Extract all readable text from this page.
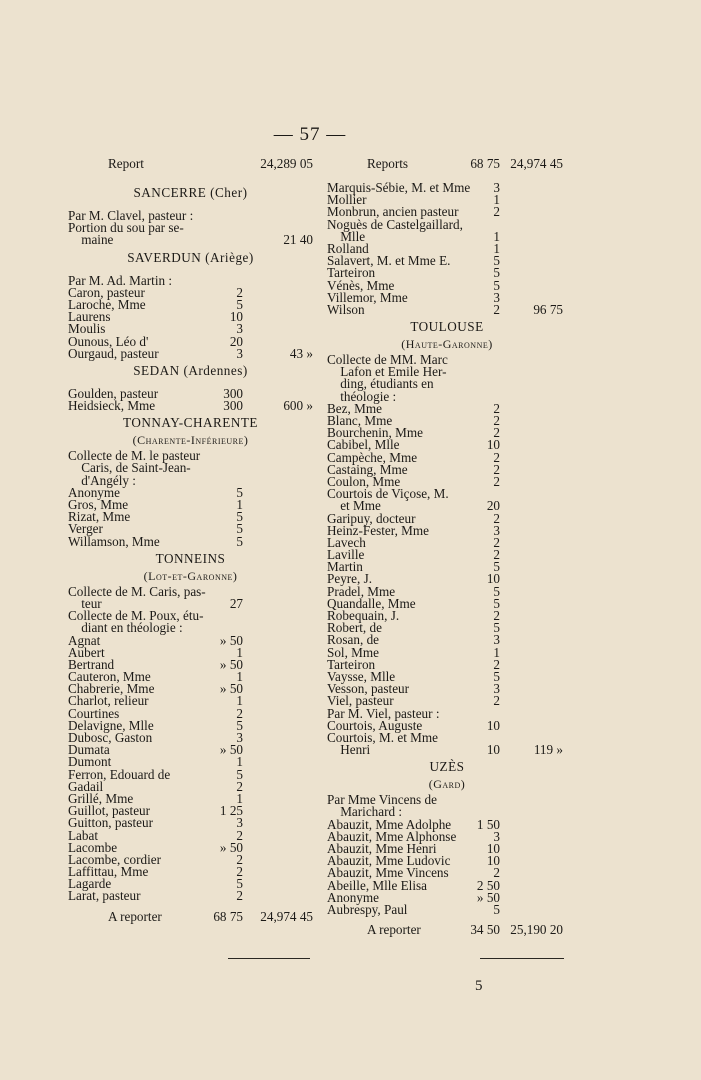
— 57 —
Report	24,289 05
SANCERRE (Cher)
Par M. Clavel, pasteur :
Portion du sou par se-
 maine	21 40
SAVERDUN (Ariège)
Par M. Ad. Martin :
Caron, pasteur	2
Laroche, Mme	5
Laurens	10
Moulis	3
Ounous, Léo d'	20
Ourgaud, pasteur	3	43 »
SEDAN (Ardennes)
Goulden, pasteur	300
Heidsieck, Mme	300	600 »
TONNAY-CHARENTE
(Charente-Inférieure)
Collecte de M. le pasteur
 Caris, de Saint-Jean-
 d'Angély :
Anonyme	5
Gros, Mme	1
Rizat, Mme	5
Verger	5
Willamson, Mme	5
TONNEINS
(Lot-et-Garonne)
Collecte de M. Caris, pas-
 teur	27
Collecte de M. Poux, étu-
 diant en théologie :
Agnat	» 50
Aubert	1
Bertrand	» 50
Cauteron, Mme	1
Chabrerie, Mme	» 50
Charlot, relieur	1
Courtines	2
Delavigne, Mlle	5
Dubosc, Gaston	3
Dumata	» 50
Dumont	1
Ferron, Edouard de	5
Gadail	2
Grillé, Mme	1
Guillot, pasteur	1 25
Guitton, pasteur	3
Labat	2
Lacombe	» 50
Lacombe, cordier	2
Laffittau, Mme	2
Lagarde	5
Larat, pasteur	2
A reporter	68 75 24,974 45
Reports	68 75 24,974 45
Marquis-Sébie, M. et Mme 3
Mollier	1
Monbrun, ancien pasteur	2
Noguès de Castelgaillard,
 Mlle	1
Rolland	1
Salavert, M. et Mme E.	5
Tarteiron	5
Vénès, Mme	5
Villemor, Mme	3
Wilson	2	96 75
TOULOUSE
(Haute-Garonne)
Collecte de MM. Marc
 Lafon et Emile Her-
 ding, étudiants en
 théologie :
Bez, Mme	2
Blanc, Mme	2
Bourchenin, Mme	2
Cabibel, Mlle	10
Campèche, Mme	2
Castaing, Mme	2
Coulon, Mme	2
Courtois de Viçose, M.
 et Mme	20
Garipuy, docteur	2
Heinz-Fester, Mme	3
Lavech	2
Laville	2
Martin	5
Peyre, J.	10
Pradel, Mme	5
Quandalle, Mme	5
Robequain, J.	2
Robert, de	5
Rosan, de	3
Sol, Mme	1
Tarteiron	2
Vaysse, Mlle	5
Vesson, pasteur	3
Viel, pasteur	2
Par M. Viel, pasteur :
Courtois, Auguste	10
Courtois, M. et Mme
 Henri	10	119 »
UZÈS
(Gard)
Par Mme Vincens de
 Marichard :
Abauzit, Mme Adolphe 1 50
Abauzit, Mme Alphonse	3
Abauzit, Mme Henri	10
Abauzit, Mme Ludovic	10
Abauzit, Mme Vincens	2
Abeille, Mlle Elisa	2 50
Anonyme	» 50
Aubrespy, Paul	5
A reporter	34 50 25,190 20
5
